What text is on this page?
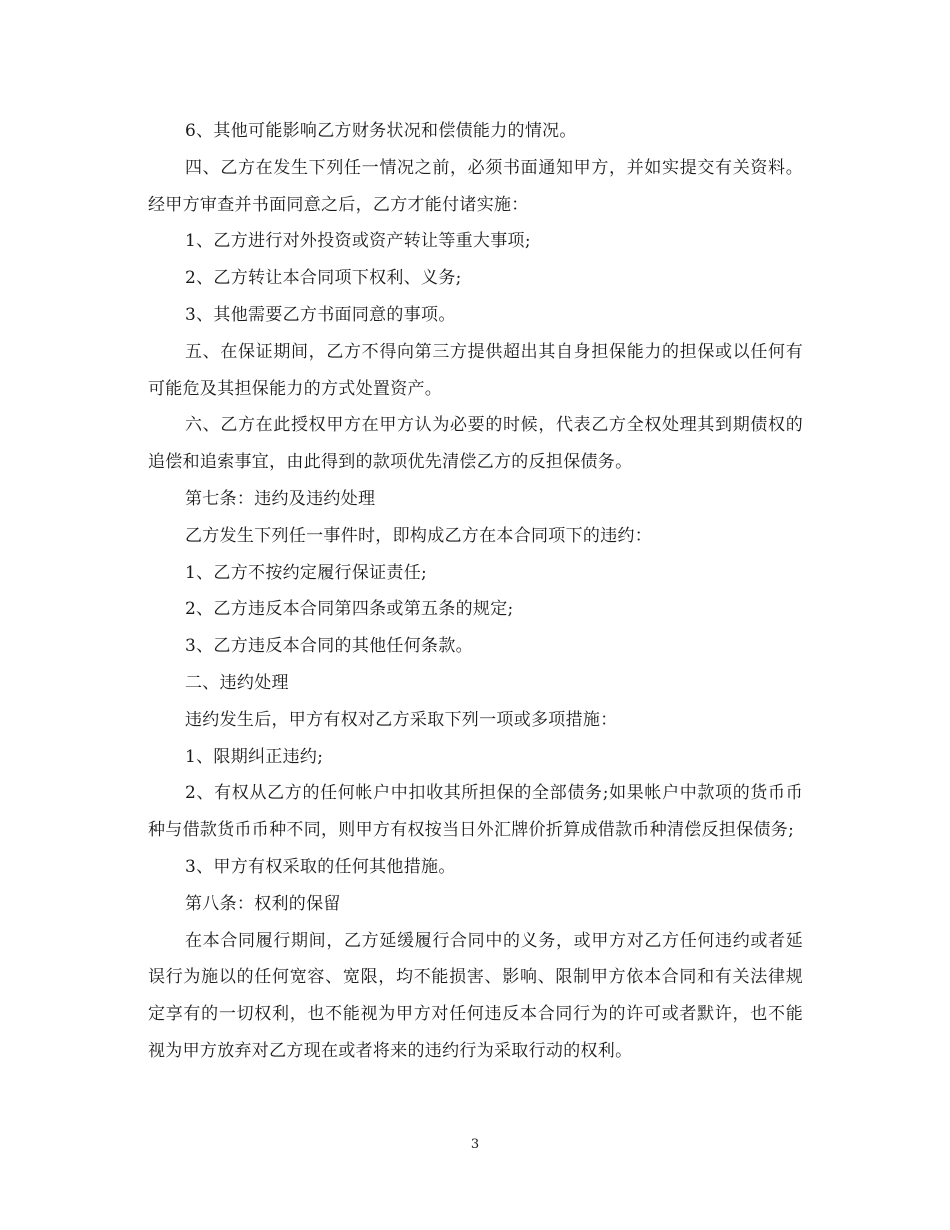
6、其他可能影响乙方财务状况和偿债能力的情况。

四、乙方在发生下列任一情况之前，必须书面通知甲方，并如实提交有关资料。经甲方审查并书面同意之后，乙方才能付诸实施：

1、乙方进行对外投资或资产转让等重大事项;

2、乙方转让本合同项下权利、义务;

3、其他需要乙方书面同意的事项。

五、在保证期间，乙方不得向第三方提供超出其自身担保能力的担保或以任何有可能危及其担保能力的方式处置资产。

六、乙方在此授权甲方在甲方认为必要的时候，代表乙方全权处理其到期债权的追偿和追索事宜，由此得到的款项优先清偿乙方的反担保债务。

第七条：违约及违约处理

乙方发生下列任一事件时，即构成乙方在本合同项下的违约：

1、乙方不按约定履行保证责任;

2、乙方违反本合同第四条或第五条的规定;

3、乙方违反本合同的其他任何条款。

二、违约处理

违约发生后，甲方有权对乙方采取下列一项或多项措施：

1、限期纠正违约;

2、有权从乙方的任何帐户中扣收其所担保的全部债务;如果帐户中款项的货币币种与借款货币币种不同，则甲方有权按当日外汇牌价折算成借款币种清偿反担保债务;

3、甲方有权采取的任何其他措施。

第八条：权利的保留

在本合同履行期间，乙方延缓履行合同中的义务，或甲方对乙方任何违约或者延误行为施以的任何宽容、宽限，均不能损害、影响、限制甲方依本合同和有关法律规定享有的一切权利，也不能视为甲方对任何违反本合同行为的许可或者默许，也不能视为甲方放弃对乙方现在或者将来的违约行为采取行动的权利。

3
